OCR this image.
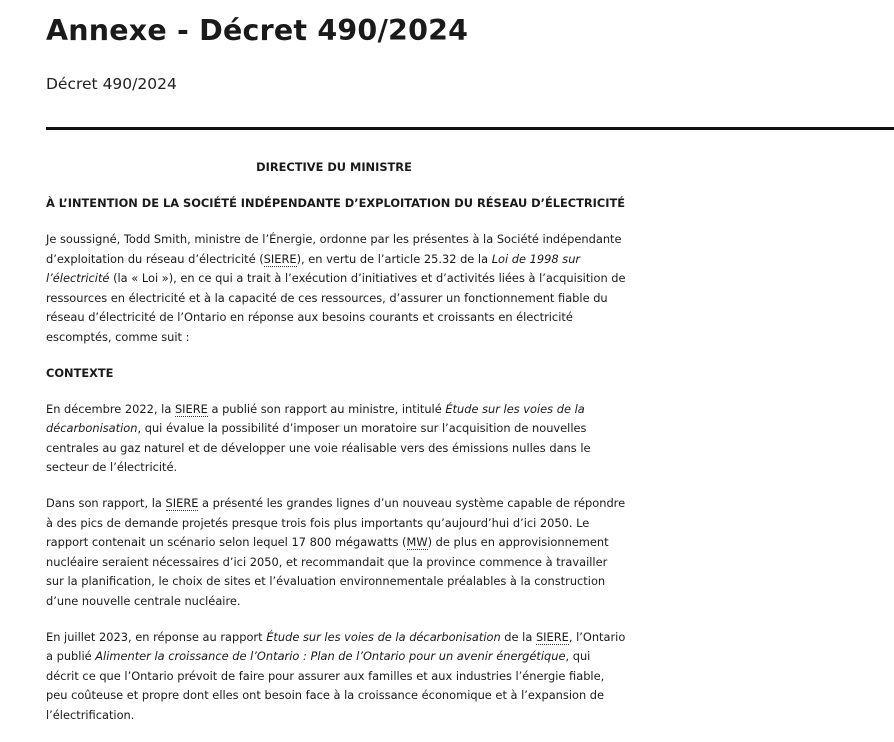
Annexe - Décret 490/2024
Décret 490/2024

DIRECTIVE DU MINISTRE

À L’INTENTION DE LA SOCIÉTÉ INDÉPENDANTE D’EXPLOITATION DU RÉSEAU D’ÉLECTRICITÉ

Je soussigné, Todd Smith, ministre de l’Énergie, ordonne par les présentes à la Société indépendante d’exploitation du réseau d’électricité (SIERE), en vertu de l’article 25.32 de la Loi de 1998 sur l’électricité (la « Loi »), en ce qui a trait à l’exécution d’initiatives et d’activités liées à l’acquisition de ressources en électricité et à la capacité de ces ressources, d’assurer un fonctionnement fiable du réseau d’électricité de l’Ontario en réponse aux besoins courants et croissants en électricité escomptés, comme suit :

CONTEXTE

En décembre 2022, la SIERE a publié son rapport au ministre, intitulé Étude sur les voies de la décarbonisation, qui évalue la possibilité d’imposer un moratoire sur l’acquisition de nouvelles centrales au gaz naturel et de développer une voie réalisable vers des émissions nulles dans le secteur de l’électricité.

Dans son rapport, la SIERE a présenté les grandes lignes d’un nouveau système capable de répondre à des pics de demande projetés presque trois fois plus importants qu’aujourd’hui d’ici 2050. Le rapport contenait un scénario selon lequel 17 800 mégawatts (MW) de plus en approvisionnement nucléaire seraient nécessaires d’ici 2050, et recommandait que la province commence à travailler sur la planification, le choix de sites et l’évaluation environnementale préalables à la construction d’une nouvelle centrale nucléaire.

En juillet 2023, en réponse au rapport Étude sur les voies de la décarbonisation de la SIERE, l’Ontario a publié Alimenter la croissance de l’Ontario : Plan de l’Ontario pour un avenir énergétique, qui décrit ce que l’Ontario prévoit de faire pour assurer aux familles et aux industries l’énergie fiable, peu coûteuse et propre dont elles ont besoin face à la croissance économique et à l’expansion de l’électrification.
